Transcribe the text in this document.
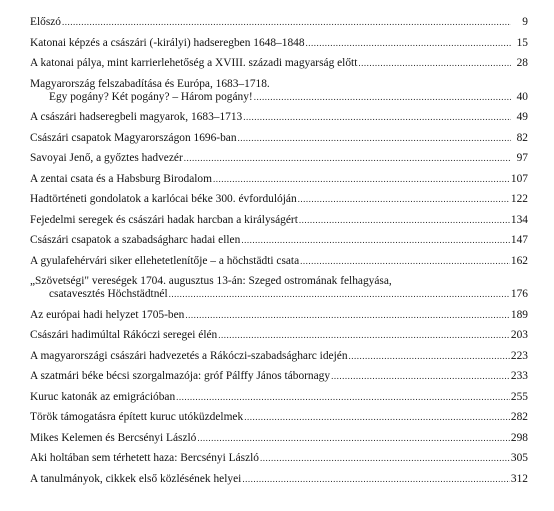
Előszó .....	9
Katonai képzés a császári (-királyi) hadseregben 1648–1848 .....	15
A katonai pálya, mint karrierlehetőség a XVIII. századi magyarság előtt .....	28
Magyarország felszabadítása és Európa, 1683–1718.
Egy pogány? Két pogány? – Három pogány! .....	40
A császári hadseregbeli magyarok, 1683–1713 .....	49
Császári csapatok Magyarországon 1696-ban .....	82
Savoyai Jenő, a győztes hadvezér .....	97
A zentai csata és a Habsburg Birodalom .....	107
Hadtörténeti gondolatok a karlócai béke 300. évfordulóján .....	122
Fejedelmi seregek és császári hadak harcban a királyságért .....	134
Császári csapatok a szabadságharc hadai ellen .....	147
A gyulafehérvári siker ellehetetlenítője – a höchstädti csata .....	162
„Szövetségi" vereségek 1704. augusztus 13-án: Szeged ostromának felhagyása,
csatavesztés Höchstädtnél .....	176
Az európai hadi helyzet 1705-ben .....	189
Császári hadimúltal Rákóczi seregei élén .....	203
A magyarországi császári hadvezetés a Rákóczi-szabadságharc idején .....	223
A szatmári béke bécsi szorgalmazója: gróf Pálffy János tábornagy .....	233
Kuruc katonák az emigrációban .....	255
Török támogatásra épített kuruc utóküzdelmek .....	282
Mikes Kelemen és Bercsényi László .....	298
Aki holtában sem térhetett haza: Bercsényi László .....	305
A tanulmányok, cikkek első közlésének helyei .....	312
